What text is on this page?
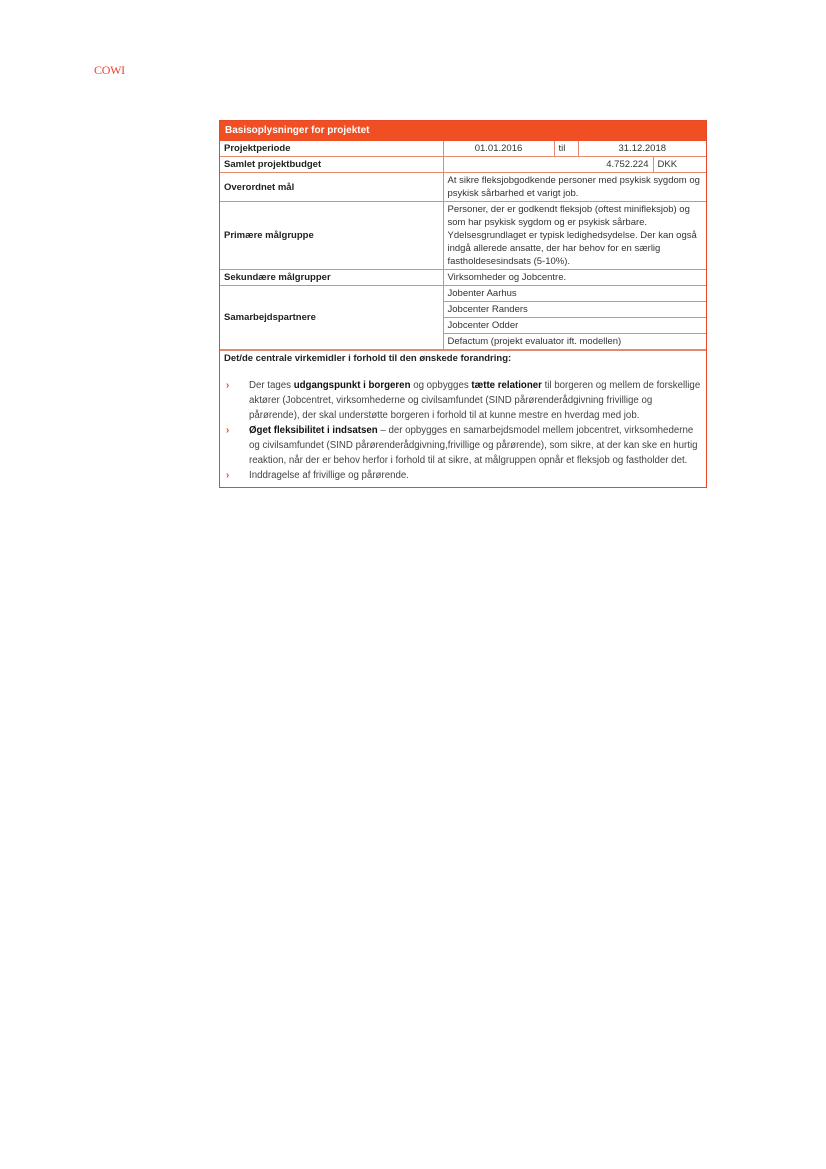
COWI
Basisoplysninger for projektet
Projektperiode	01.01.2016	til	31.12.2018	
Samlet projektbudget	4.752.224			DKK
Overordnet mål	At sikre fleksjobgodkende personer med psykisk sygdom og psykisk sårbarhed et varigt job.			
Primære målgruppe	Personer, der er godkendt fleksjob (oftest minifleksjob) og som har psykisk sygdom og er psykisk sårbare. Ydelsesgrundlaget er typisk ledighedsydelse. Der kan også indgå allerede ansatte, der har behov for en særlig fastholdesesindsats (5-10%).			
Sekundære målgrupper	Virksomheder og Jobcentre.			
Samarbejdspartnere	Jobenter Aarhus			
	Jobcenter Randers			
	Jobcenter Odder			
	Defactum (projekt evaluator ift. modellen)			
Det/de centrale virkemidler i forhold til den ønskede forandring:
› Der tages udgangspunkt i borgeren og opbygges tætte relationer til borgeren og mellem de forskellige aktører (Jobcentret, virksomhederne og civilsamfundet (SIND pårørenderådgivning frivillige og pårørende), der skal understøtte borgeren i forhold til at kunne mestre en hverdag med job.
› Øget fleksibilitet i indsatsen – der opbygges en samarbejdsmodel mellem jobcentret, virksomhederne og civilsamfundet (SIND pårørenderådgivning,frivillige og pårørende), som sikre, at der kan ske en hurtig reaktion, når der er behov herfor i forhold til at sikre, at målgruppen opnår et fleksjob og fastholder det.
› Inddragelse af frivillige og pårørende.
